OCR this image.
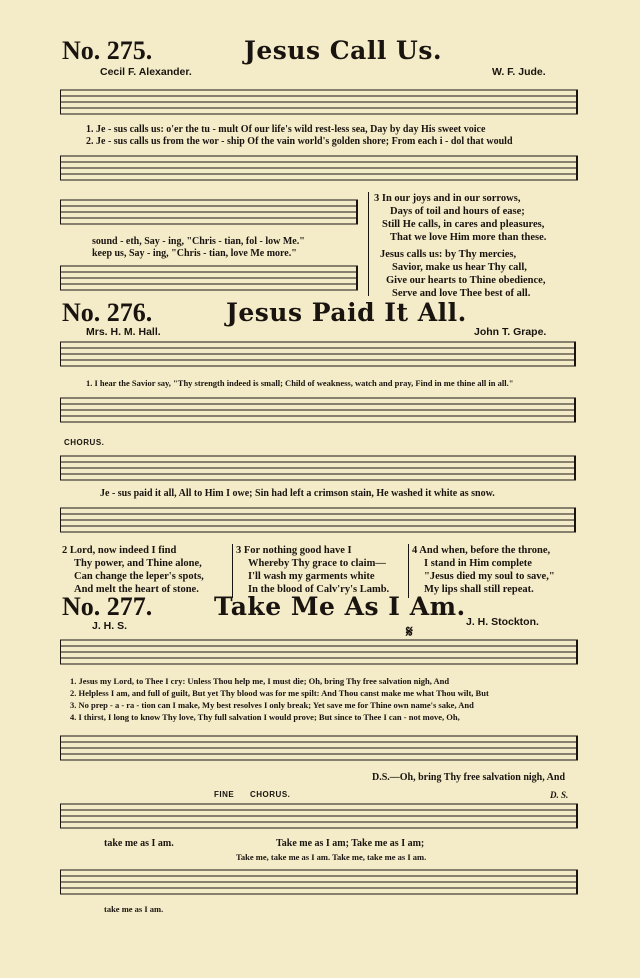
No. 275.	Jesus Call Us.
Cecil F. Alexander.	W. F. Jude.
1. Je - sus calls us: o'er the tu - mult Of our life's wild rest-less sea, Day by day His sweet voice
2. Je - sus calls us from the wor - ship Of the vain world's golden shore; From each i - dol that would
sound - eth, Say - ing, "Chris - tian, fol - low Me."
keep us, Say - ing, "Chris - tian, love Me more."
3 In our joys and in our sorrows,
Days of toil and hours of ease;
Still He calls, in cares and pleasures,
That we love Him more than these.
Jesus calls us: by Thy mercies,
Savior, make us hear Thy call,
Give our hearts to Thine obedience,
Serve and love Thee best of all.
No. 276.	Jesus Paid It All.
Mrs. H. M. Hall.	John T. Grape.
1. I hear the Savior say, "Thy strength indeed is small; Child of weakness, watch and pray, Find in me thine all in all."
CHORUS.
Je - sus paid it all, All to Him I owe; Sin had left a crimson stain, He washed it white as snow.
2 Lord, now indeed I find
Thy power, and Thine alone,
Can change the leper's spots,
And melt the heart of stone.
3 For nothing good have I
Whereby Thy grace to claim—
I'll wash my garments white
In the blood of Calv'ry's Lamb.
4 And when, before the throne,
I stand in Him complete
"Jesus died my soul to save,"
My lips shall still repeat.
No. 277. Take Me As I Am.
J. H. S.	J. H. Stockton.
𝄋
1. Jesus my Lord, to Thee I cry: Unless Thou help me, I must die; Oh, bring Thy free salvation nigh, And
2. Helpless I am, and full of guilt, But yet Thy blood was for me spilt: And Thou canst make me what Thou wilt, But
3. No prep - a - ra - tion can I make, My best resolves I only break; Yet save me for Thine own name's sake, And
4. I thirst, I long to know Thy love, Thy full salvation I would prove; But since to Thee I can - not move, Oh,
D.S.—Oh, bring Thy free salvation nigh, And
FINE CHORUS.	D. S.
take me as I am.	Take me as I am; Take me as I am;
Take me, take me as I am. Take me, take me as I am.
take me as I am.
